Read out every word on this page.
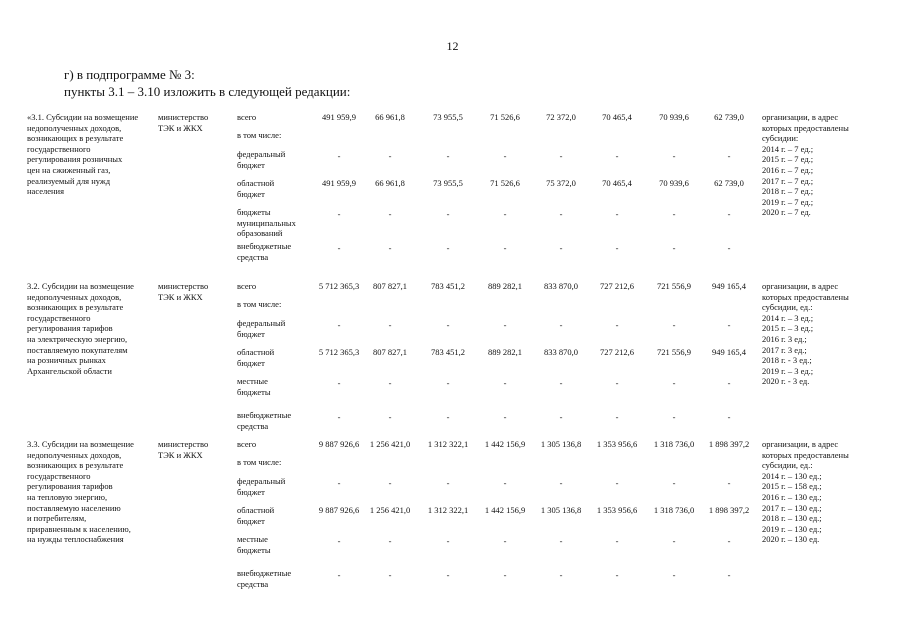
12
г) в подпрограмме № 3:
пункты 3.1 – 3.10 изложить в следующей редакции:
«3.1. Субсидии на возмещение
недополученных доходов,
возникающих в результате
государственного
регулирования розничных
цен на сжиженный газ,
реализуемый для нужд
населения
министерство
ТЭК и ЖКХ
всего
в том числе:
федеральный
бюджет
областной
бюджет
бюджеты
муниципальных
образований
внебюджетные
средства
491 959,9
-
491 959,9
-
-
66 961,8
-
66 961,8
-
-
73 955,5
-
73 955,5
-
-
71 526,6
-
71 526,6
-
-
72 372,0
-
75 372,0
-
-
70 465,4
-
70 465,4
-
-
70 939,6
-
70 939,6
-
-
62 739,0
-
62 739,0
-
-
организации, в адрес
которых предоставлены
субсидии:
2014 г. – 7 ед.;
2015 г. – 7 ед.;
2016 г. – 7 ед.;
2017 г. – 7 ед.;
2018 г. – 7 ед.;
2019 г. – 7 ед.;
2020 г. – 7 ед.
3.2. Субсидии на возмещение
недополученных доходов,
возникающих в результате
государственного
регулирования тарифов
на электрическую энергию,
поставляемую покупателям
на розничных рынках
Архангельской области
министерство
ТЭК и ЖКХ
всего
в том числе:
федеральный
бюджет
областной
бюджет
местные
бюджеты
внебюджетные
средства
5 712 365,3
-
5 712 365,3
-
-
807 827,1
-
807 827,1
-
-
783 451,2
-
783 451,2
-
-
889 282,1
-
889 282,1
-
-
833 870,0
-
833 870,0
-
-
727 212,6
-
727 212,6
-
-
721 556,9
-
721 556,9
-
-
949 165,4
-
949 165,4
-
-
организации, в адрес
которых предоставлены
субсидии, ед.:
2014 г. – 3 ед.;
2015 г. – 3 ед.;
2016 г. 3 ед.;
2017 г. 3 ед.;
2018 г. - 3 ед.;
2019 г. – 3 ед.;
2020 г. - 3 ед.
3.3. Субсидии на возмещение
недополученных доходов,
возникающих в результате
государственного
регулирования тарифов
на тепловую энергию,
поставляемую населению
и потребителям,
приравненным к населению,
на нужды теплоснабжения
министерство
ТЭК и ЖКХ
всего
в том числе:
федеральный
бюджет
областной
бюджет
местные
бюджеты
внебюджетные
средства
9 887 926,6
-
9 887 926,6
-
-
1 256 421,0
-
1 256 421,0
-
-
1 312 322,1
-
1 312 322,1
-
-
1 442 156,9
-
1 442 156,9
-
-
1 305 136,8
-
1 305 136,8
-
-
1 353 956,6
-
1 353 956,6
-
-
1 318 736,0
-
1 318 736,0
-
-
1 898 397,2
-
1 898 397,2
-
-
организации, в адрес
которых предоставлены
субсидии, ед.:
2014 г. – 130 ед.;
2015 г. – 158 ед.;
2016 г. – 130 ед.;
2017 г. – 130 ед.;
2018 г. – 130 ед.;
2019 г. – 130 ед.;
2020 г. – 130 ед.
